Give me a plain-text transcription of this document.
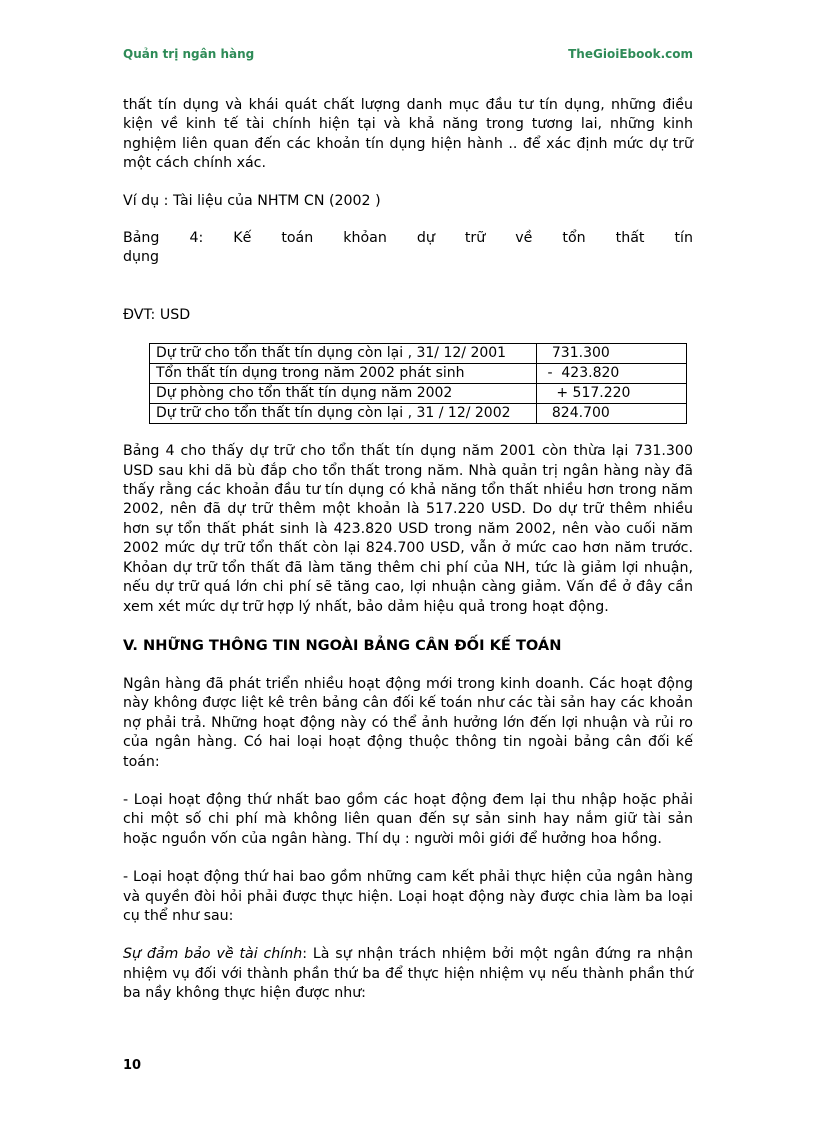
Quản trị ngân hàng	TheGioiEbook.com

thất tín dụng và khái quát chất lượng danh mục đầu tư tín dụng, những điều kiện về kinh tế tài chính hiện tại và khả năng trong tương lai, những kinh nghiệm liên quan đến các khoản tín dụng hiện hành .. để xác định mức dự trữ một cách chính xác.

Ví dụ : Tài liệu của NHTM CN (2002 )

Bảng 4: Kế toán khỏan dự trữ về tổn thất tín

dụng

ĐVT: USD

Dự trữ cho tổn thất tín dụng còn lại , 31/ 12/ 2001	731.300
Tổn thất tín dụng trong năm 2002 phát sinh	-  423.820
Dự phòng cho tổn thất tín dụng năm 2002	+ 517.220
Dự trữ cho tổn thất tín dụng còn lại , 31 / 12/ 2002	824.700

Bảng 4 cho thấy dự trữ cho tổn thất tín dụng năm 2001 còn thừa lại 731.300 USD sau khi dã bù đắp cho tổn thất trong năm. Nhà quản trị ngân hàng này đã thấy rằng các khoản đầu tư tín dụng có khả năng tổn thất nhiều hơn trong năm 2002, nên đã dự trữ thêm một khoản là 517.220 USD. Do dự trữ thêm nhiều hơn sự tổn thất phát sinh là 423.820 USD trong năm 2002, nên vào cuối năm 2002 mức dự trữ tổn thất còn lại 824.700 USD, vẫn ở mức cao hơn năm trước. Khỏan dự trữ tổn thất đã làm tăng thêm chi phí của NH, tức là giảm lợi nhuận, nếu dự trữ quá lớn chi phí sẽ tăng cao, lợi nhuận càng giảm. Vấn đề ở đây cần xem xét mức dự trữ hợp lý nhất, bảo dảm hiệu quả trong hoạt động.

V. NHỮNG THÔNG TIN NGOÀI BẢNG CÂN ĐỐI KẾ TOÁN

Ngân hàng đã phát triển nhiều hoạt động mới trong kinh doanh. Các hoạt động này không được liệt kê trên bảng cân đối kế toán như các tài sản hay các khoản nợ phải trả. Những hoạt động này có thể ảnh hưởng lớn đến lợi nhuận và rủi ro của ngân hàng. Có hai loại hoạt động thuộc thông tin ngoài bảng cân đối kế toán:

- Loại hoạt động thứ nhất bao gồm các hoạt động đem lại thu nhập hoặc phải chi một số chi phí mà không liên quan đến sự sản sinh hay nắm giữ tài sản hoặc nguồn vốn của ngân hàng. Thí dụ : người môi giới để hưởng hoa hồng.

- Loại hoạt động thứ hai bao gồm những cam kết phải thực hiện của ngân hàng và quyền đòi hỏi phải được thực hiện. Loại hoạt động này được chia làm ba loại cụ thể như sau:

Sự đảm bảo về tài chính: Là sự nhận trách nhiệm bởi một ngân đứng ra nhận nhiệm vụ đối với thành phần thứ ba để thực hiện nhiệm vụ nếu thành phần thứ ba nầy không thực hiện được như:

10
